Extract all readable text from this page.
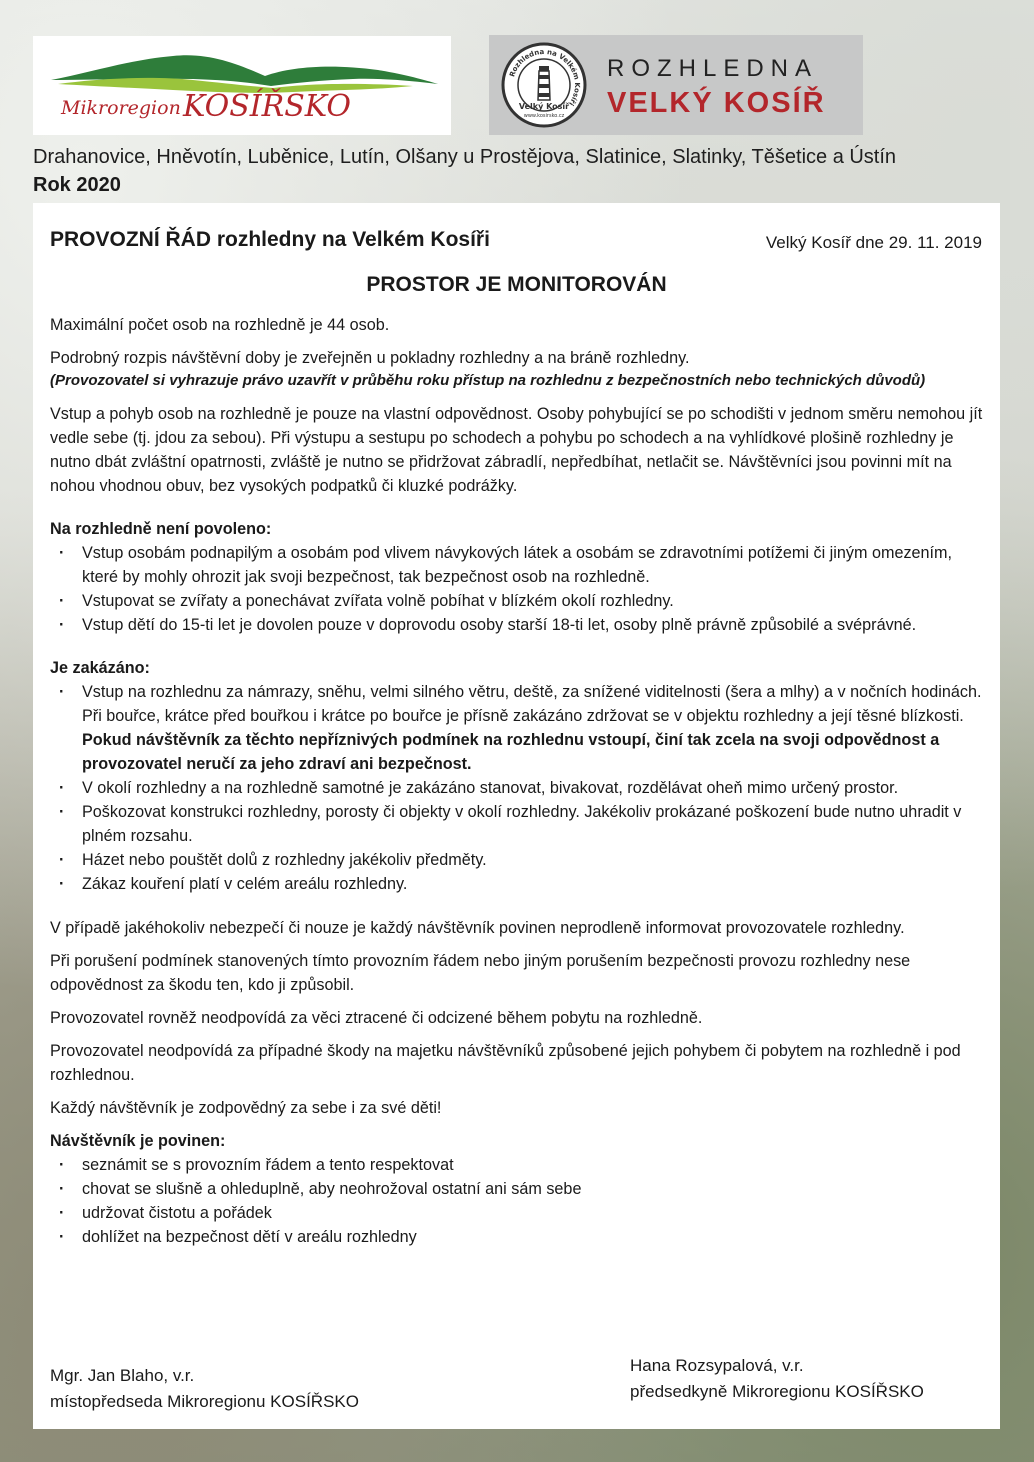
Mikroregion KOSÍŘSKO
Rozhledna na Velkém Kosíři
Velký Kosíř
www.kosirsko.cz
ROZHLEDNA
VELKÝ KOSÍŘ
Drahanovice, Hněvotín, Luběnice, Lutín, Olšany u Prostějova, Slatinice, Slatinky, Těšetice a Ústín
Rok 2020
PROVOZNÍ ŘÁD rozhledny na Velkém Kosíři	Velký Kosíř dne 29. 11. 2019
PROSTOR JE MONITOROVÁN

Maximální počet osob na rozhledně je 44 osob.

Podrobný rozpis návštěvní doby je zveřejněn u pokladny rozhledny a na bráně rozhledny.
(Provozovatel si vyhrazuje právo uzavřít v průběhu roku přístup na rozhlednu z bezpečnostních nebo technických důvodů)

Vstup a pohyb osob na rozhledně je pouze na vlastní odpovědnost. Osoby pohybující se po schodišti v jednom směru nemohou jít vedle sebe (tj. jdou za sebou). Při výstupu a sestupu po schodech a pohybu po schodech a na vyhlídkové plošině rozhledny je nutno dbát zvláštní opatrnosti, zvláště je nutno se přidržovat zábradlí, nepředbíhat, netlačit se. Návštěvníci jsou povinni mít na nohou vhodnou obuv, bez vysokých podpatků či kluzké podrážky.

Na rozhledně není povoleno:
· Vstup osobám podnapilým a osobám pod vlivem návykových látek a osobám se zdravotními potížemi či jiným omezením, které by mohly ohrozit jak svoji bezpečnost, tak bezpečnost osob na rozhledně.
· Vstupovat se zvířaty a ponechávat zvířata volně pobíhat v blízkém okolí rozhledny.
· Vstup dětí do 15-ti let je dovolen pouze v doprovodu osoby starší 18-ti let, osoby plně právně způsobilé a svéprávné.
Je zakázáno:
· Vstup na rozhlednu za námrazy, sněhu, velmi silného větru, deště, za snížené viditelnosti (šera a mlhy) a v nočních hodinách. Při bouřce, krátce před bouřkou i krátce po bouřce je přísně zakázáno zdržovat se v objektu rozhledny a její těsné blízkosti. Pokud návštěvník za těchto nepříznivých podmínek na rozhlednu vstoupí, činí tak zcela na svoji odpovědnost a provozovatel neručí za jeho zdraví ani bezpečnost.
· V okolí rozhledny a na rozhledně samotné je zakázáno stanovat, bivakovat, rozdělávat oheň mimo určený prostor.
· Poškozovat konstrukci rozhledny, porosty či objekty v okolí rozhledny. Jakékoliv prokázané poškození bude nutno uhradit v plném rozsahu.
· Házet nebo pouštět dolů z rozhledny jakékoliv předměty.
· Zákaz kouření platí v celém areálu rozhledny.

V případě jakéhokoliv nebezpečí či nouze je každý návštěvník povinen neprodleně informovat provozovatele rozhledny.

Při porušení podmínek stanovených tímto provozním řádem nebo jiným porušením bezpečnosti provozu rozhledny nese odpovědnost za škodu ten, kdo ji způsobil.

Provozovatel rovněž neodpovídá za věci ztracené či odcizené během pobytu na rozhledně.

Provozovatel neodpovídá za případné škody na majetku návštěvníků způsobené jejich pohybem či pobytem na rozhledně i pod rozhlednou.

Každý návštěvník je zodpovědný za sebe i za své děti!

Návštěvník je povinen:
· seznámit se s provozním řádem a tento respektovat
· chovat se slušně a ohleduplně, aby neohrožoval ostatní ani sám sebe
· udržovat čistotu a pořádek
· dohlížet na bezpečnost dětí v areálu rozhledny
Mgr. Jan Blaho, v.r.
místopředseda Mikroregionu KOSÍŘSKO
Hana Rozsypalová, v.r.
předsedkyně Mikroregionu KOSÍŘSKO
